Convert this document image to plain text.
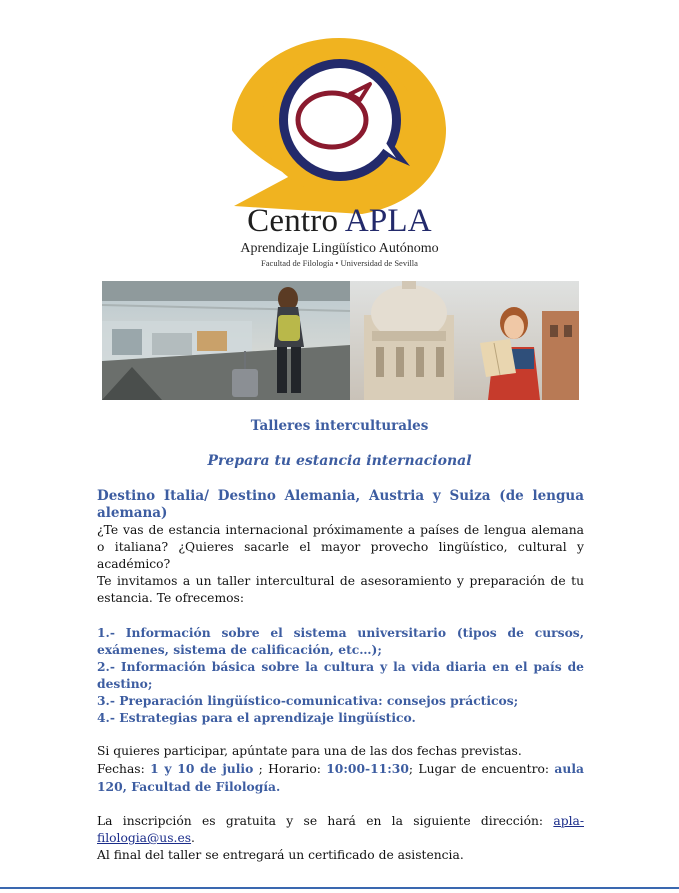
Centro APLA
Aprendizaje Lingüístico Autónomo
Facultad de Filología • Universidad de Sevilla
Talleres interculturales
Prepara tu estancia internacional
Destino Italia/ Destino Alemania, Austria y Suiza (de lengua alemana)
¿Te vas de estancia internacional próximamente a países de lengua alemana o italiana? ¿Quieres sacarle el mayor provecho lingüístico, cultural y académico?
Te invitamos a un taller intercultural de asesoramiento y preparación de tu estancia. Te ofrecemos:
1.- Información sobre el sistema universitario (tipos de cursos, exámenes, sistema de calificación, etc…);
2.- Información básica sobre la cultura y la vida diaria en el país de destino;
3.- Preparación lingüístico-comunicativa: consejos prácticos;
4.- Estrategias para el aprendizaje lingüístico.
Si quieres participar, apúntate para una de las dos fechas previstas.
Fechas: 1 y 10 de julio ; Horario: 10:00-11:30; Lugar de encuentro: aula 120, Facultad de Filología.
La inscripción es gratuita y se hará en la siguiente dirección: apla-filologia@us.es.
Al final del taller se entregará un certificado de asistencia.
